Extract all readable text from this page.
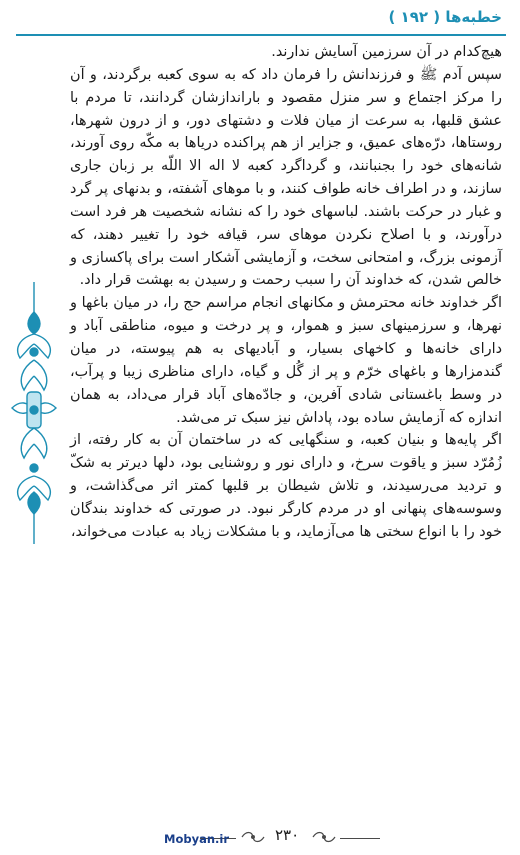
خطبه‌ها ( ۱۹۲ )

هیچ‌کدام در آن سرزمین آسایش ندارند.

سپس آدم ﷺ و فرزندانش را فرمان داد که به سوی کعبه برگردند، و آن را مرکز اجتماع و سر منزل مقصود و باراندازشان گردانند، تا مردم با عشق قلبها، به سرعت از میان فلات و دشتهای دور، و از درون شهرها، روستاها، درّه‌های عمیق، و جزایر از هم پراکنده دریاها به مکّه روی آورند، شانه‌های خود را بجنبانند، و گرداگرد کعبه لا اله الا اللّه بر زبان جاری سازند، و در اطراف خانه طواف کنند، و با موهای آشفته، و بدنهای پر گرد و غبار در حرکت باشند. لباسهای خود را که نشانه شخصیت هر فرد است درآورند، و با اصلاح نکردن موهای سر، قیافه خود را تغییر دهند، که آزمونی بزرگ، و امتحانی سخت، و آزمایشی آشکار است برای پاکسازی و خالص شدن، که خداوند آن را سبب رحمت و رسیدن به بهشت قرار داد.

اگر خداوند خانه محترمش و مکانهای انجام مراسم حج را، در میان باغها و نهرها، و سرزمینهای سبز و هموار، و پر درخت و میوه، مناطقی آباد و دارای خانه‌ها و کاخهای بسیار، و آبادیهای به هم پیوسته، در میان گندمزارها و باغهای خرّم و پر از گُل و گیاه، دارای مناظری زیبا و پرآب، در وسط باغستانی شادی آفرین، و جادّه‌های آباد قرار می‌داد، به همان اندازه که آزمایش ساده بود، پاداش نیز سبک تر می‌شد.

اگر پایه‌ها و بنیان کعبه، و سنگهایی که در ساختمان آن به کار رفته، از زُمُرّد سبز و یاقوت سرخ، و دارای نور و روشنایی بود، دلها دیرتر به شکّ و تردید می‌رسیدند، و تلاش شیطان بر قلبها کمتر اثر می‌گذاشت، و وسوسه‌های پنهانی او در مردم کارگر نبود. در صورتی که خداوند بندگان خود را با انواع سختی ها می‌آزماید، و با مشکلات زیاد به عبادت می‌خواند،

۲۳۰
Mobyan.ir
